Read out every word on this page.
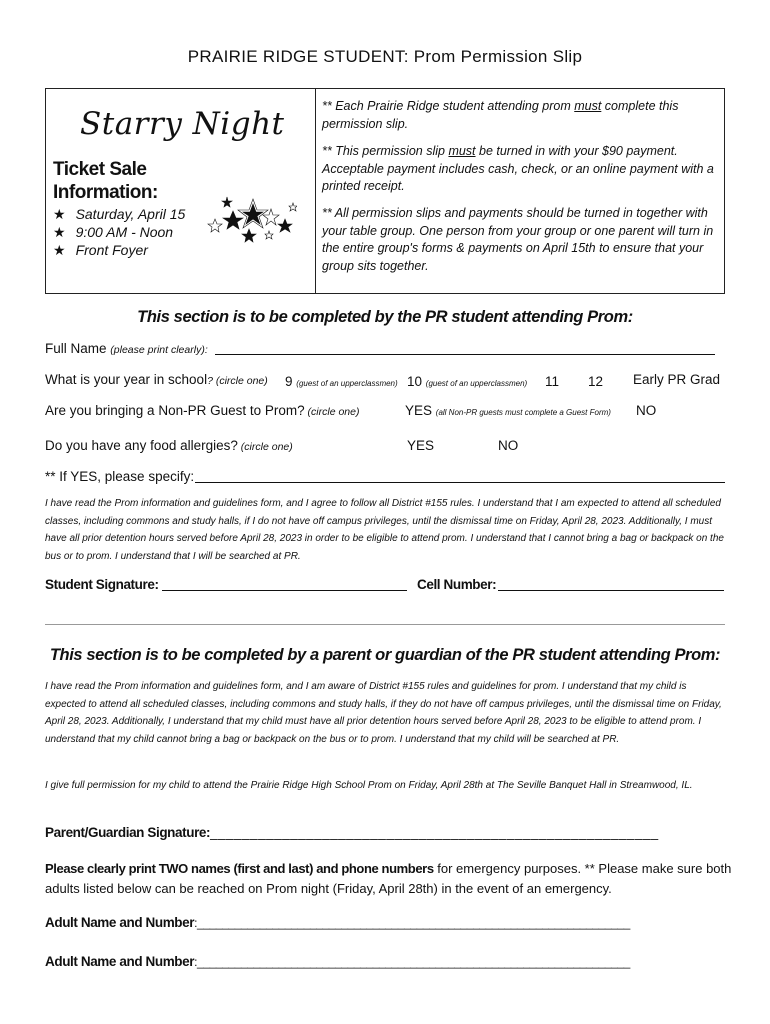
PRAIRIE RIDGE STUDENT: Prom Permission Slip
Starry Night
Ticket Sale Information:
★ Saturday, April 15
★ 9:00 AM - Noon
★ Front Foyer
** Each Prairie Ridge student attending prom must complete this permission slip.
** This permission slip must be turned in with your $90 payment. Acceptable payment includes cash, check, or an online payment with a printed receipt.
** All permission slips and payments should be turned in together with your table group. One person from your group or one parent will turn in the entire group's forms & payments on April 15th to ensure that your group sits together.
This section is to be completed by the PR student attending Prom:
Full Name (please print clearly):
What is your year in school? (circle one) 9 (guest of an upperclassmen) 10 (guest of an upperclassmen) 11 12 Early PR Grad
Are you bringing a Non-PR Guest to Prom? (circle one)	YES (all Non-PR guests must complete a Guest Form) NO
Do you have any food allergies? (circle one)	YES	NO
** If YES, please specify:
I have read the Prom information and guidelines form, and I agree to follow all District #155 rules. I understand that I am expected to attend all scheduled classes, including commons and study halls, if I do not have off campus privileges, until the dismissal time on Friday, April 28, 2023. Additionally, I must have all prior detention hours served before April 28, 2023 in order to be eligible to attend prom. I understand that I cannot bring a bag or backpack on the bus or to prom. I understand that I will be searched at PR.
Student Signature:	Cell Number:
This section is to be completed by a parent or guardian of the PR student attending Prom:
I have read the Prom information and guidelines form, and I am aware of District #155 rules and guidelines for prom. I understand that my child is expected to attend all scheduled classes, including commons and study halls, if they do not have off campus privileges, until the dismissal time on Friday, April 28, 2023. Additionally, I understand that my child must have all prior detention hours served before April 28, 2023 to be eligible to attend prom. I understand that my child cannot bring a bag or backpack on the bus or to prom. I understand that my child will be searched at PR.
I give full permission for my child to attend the Prairie Ridge High School Prom on Friday, April 28th at The Seville Banquet Hall in Streamwood, IL.
Parent/Guardian Signature:________________________________________________________
Please clearly print TWO names (first and last) and phone numbers for emergency purposes. ** Please make sure both adults listed below can be reached on Prom night (Friday, April 28th) in the event of an emergency.
Adult Name and Number:_____________________________________________________________________
Adult Name and Number:_____________________________________________________________________
